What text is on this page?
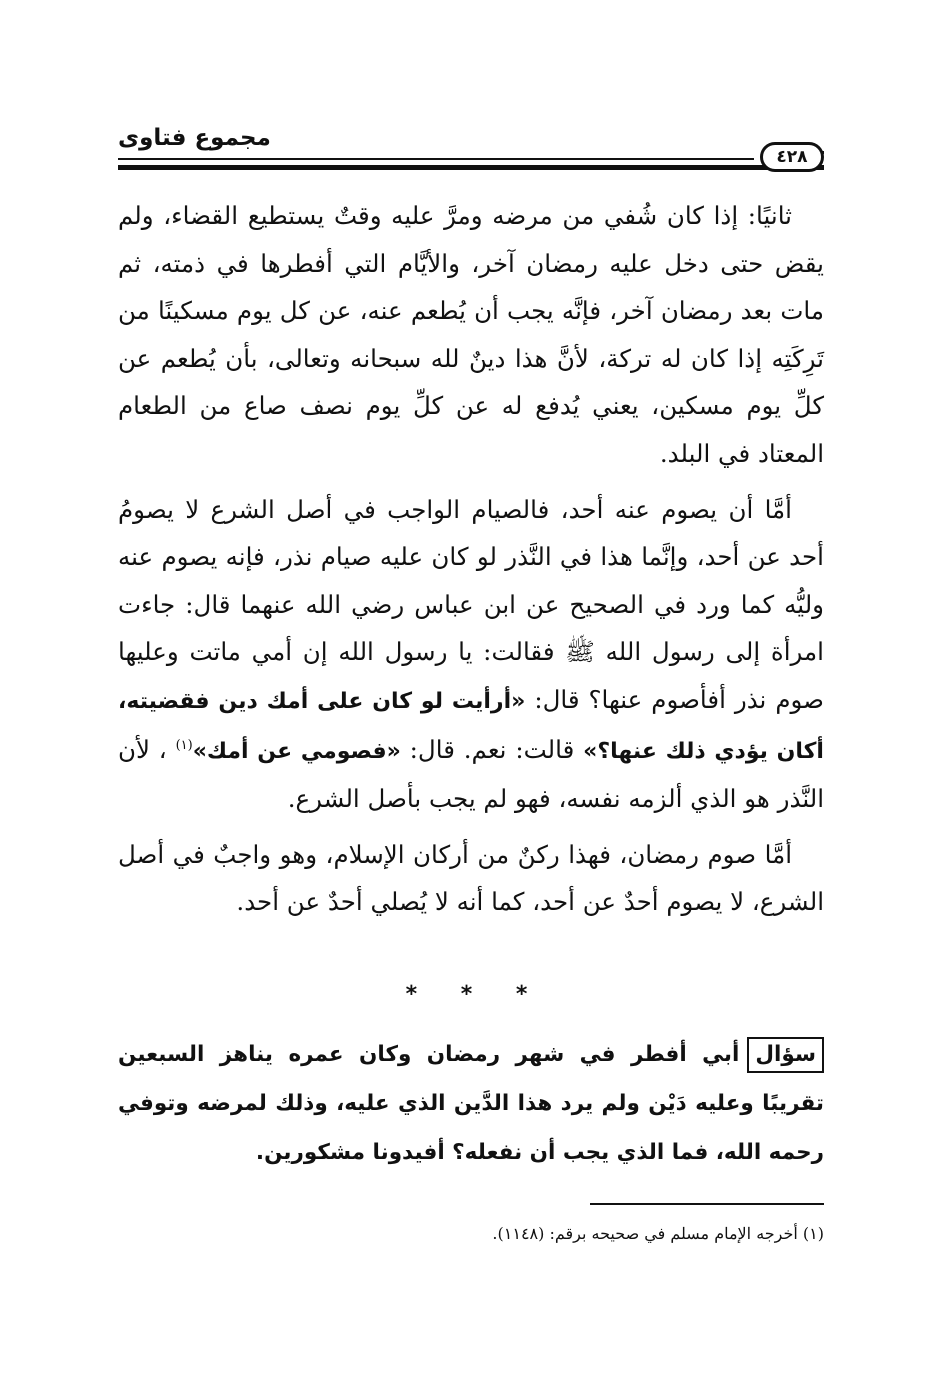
مجموع فتاوى
٤٢٨

ثانيًا: إذا كان شُفي من مرضه ومرَّ عليه وقتٌ يستطيع القضاء، ولم يقض حتى دخل عليه رمضان آخر، والأيَّام التي أفطرها في ذمته، ثم مات بعد رمضان آخر، فإنَّه يجب أن يُطعم عنه، عن كل يوم مسكينًا من تَرِكَتِه إذا كان له تركة، لأنَّ هذا دينٌ لله سبحانه وتعالى، بأن يُطعم عن كلِّ يوم مسكين، يعني يُدفع له عن كلِّ يوم نصف صاع من الطعام المعتاد في البلد.

أمَّا أن يصوم عنه أحد، فالصيام الواجب في أصل الشرع لا يصومُ أحد عن أحد، وإنَّما هذا في النَّذر لو كان عليه صيام نذر، فإنه يصوم عنه وليُّه كما ورد في الصحيح عن ابن عباس رضي الله عنهما قال: جاءت امرأة إلى رسول الله ﷺ فقالت: يا رسول الله إن أمي ماتت وعليها صوم نذر أفأصوم عنها؟ قال: «أرأيت لو كان على أمك دين فقضيته، أكان يؤدي ذلك عنها؟» قالت: نعم. قال: «فصومي عن أمك»$^{(١)}$ ، لأن النَّذر هو الذي ألزمه نفسه، فهو لم يجب بأصل الشرع.

أمَّا صوم رمضان، فهذا ركنٌ من أركان الإسلام، وهو واجبٌ في أصل الشرع، لا يصوم أحدٌ عن أحد، كما أنه لا يُصلي أحدٌ عن أحد.

* * *
سؤالأبي أفطر في شهر رمضان وكان عمره يناهز السبعين تقريبًا وعليه دَيْن ولم يرد هذا الدَّين الذي عليه، وذلك لمرضه وتوفي رحمه الله، فما الذي يجب أن نفعله؟ أفيدونا مشكورين.
(١) أخرجه الإمام مسلم في صحيحه برقم: (١١٤٨).
